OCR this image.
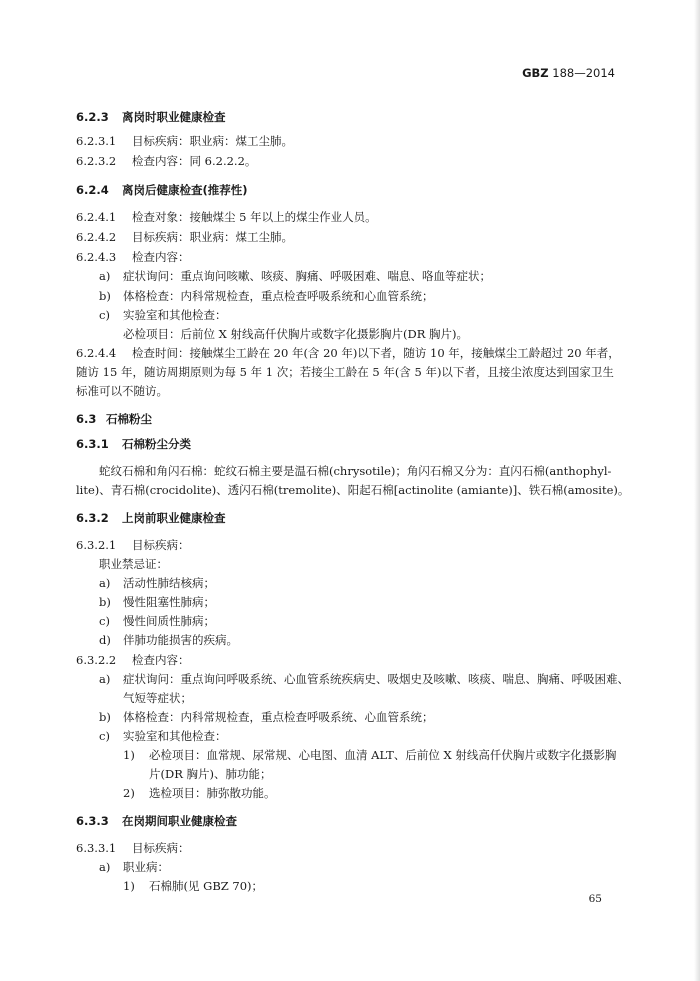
GBZ 188—2014
6.2.3 离岗时职业健康检查
6.2.3.1 目标疾病：职业病：煤工尘肺。
6.2.3.2 检查内容：同 6.2.2.2。
6.2.4 离岗后健康检查(推荐性)
6.2.4.1 检查对象：接触煤尘 5 年以上的煤尘作业人员。
6.2.4.2 目标疾病：职业病：煤工尘肺。
6.2.4.3 检查内容：
a) 症状询问：重点询问咳嗽、咳痰、胸痛、呼吸困难、喘息、咯血等症状；
b) 体格检查：内科常规检查，重点检查呼吸系统和心血管系统；
c) 实验室和其他检查：
必检项目：后前位 X 射线高仟伏胸片或数字化摄影胸片(DR 胸片)。
6.2.4.4 检查时间：接触煤尘工龄在 20 年(含 20 年)以下者，随访 10 年，接触煤尘工龄超过 20 年者，
随访 15 年，随访周期原则为每 5 年 1 次；若接尘工龄在 5 年(含 5 年)以下者，且接尘浓度达到国家卫生
标准可以不随访。
6.3 石棉粉尘
6.3.1 石棉粉尘分类
蛇纹石棉和角闪石棉：蛇纹石棉主要是温石棉(chrysotile)；角闪石棉又分为：直闪石棉(anthophyl-
lite)、青石棉(crocidolite)、透闪石棉(tremolite)、阳起石棉[actinolite (amiante)]、铁石棉(amosite)。
6.3.2 上岗前职业健康检查
6.3.2.1 目标疾病：
职业禁忌证：
a) 活动性肺结核病；
b) 慢性阻塞性肺病；
c) 慢性间质性肺病；
d) 伴肺功能损害的疾病。
6.3.2.2 检查内容：
a) 症状询问：重点询问呼吸系统、心血管系统疾病史、吸烟史及咳嗽、咳痰、喘息、胸痛、呼吸困难、
气短等症状；
b) 体格检查：内科常规检查，重点检查呼吸系统、心血管系统；
c) 实验室和其他检查：
1) 必检项目：血常规、尿常规、心电图、血清 ALT、后前位 X 射线高仟伏胸片或数字化摄影胸
片(DR 胸片)、肺功能；
2) 选检项目：肺弥散功能。
6.3.3 在岗期间职业健康检查
6.3.3.1 目标疾病：
a) 职业病：
1) 石棉肺(见 GBZ 70)；
65
